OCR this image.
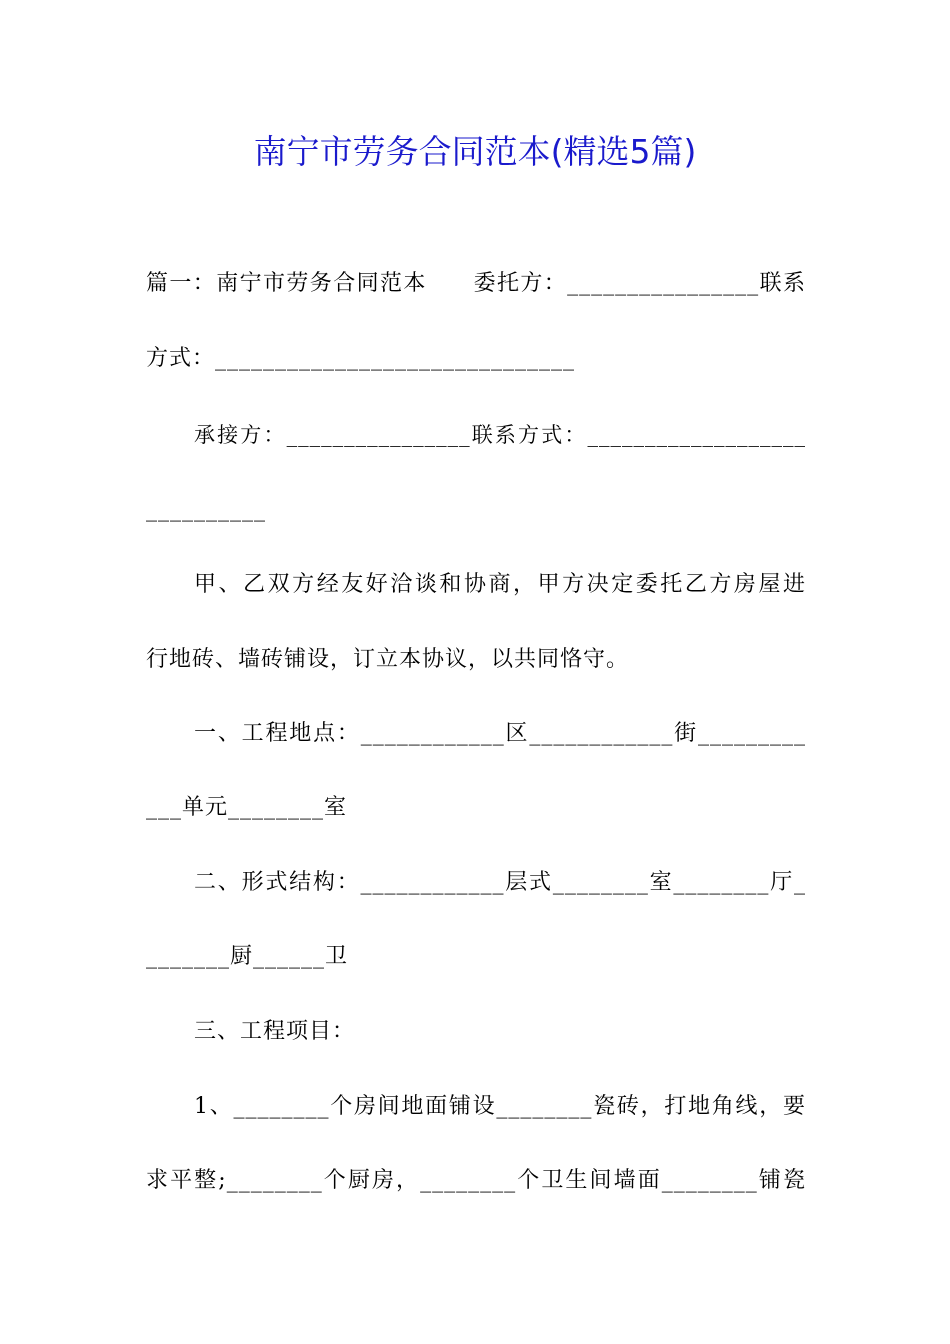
南宁市劳务合同范本(精选5篇)
篇一：南宁市劳务合同范本　　委托方：________________联系
方式：______________________________
承接方：________________联系方式：___________________
__________
甲、乙双方经友好洽谈和协商，甲方决定委托乙方房屋进
行地砖、墙砖铺设，订立本协议，以共同恪守。
一、工程地点：____________区____________街_________
___单元________室
二、形式结构：____________层式________室________厅_
_______厨______卫
三、工程项目：
1、________个房间地面铺设________瓷砖，打地角线，要
求平整;________个厨房，________个卫生间墙面________铺瓷
